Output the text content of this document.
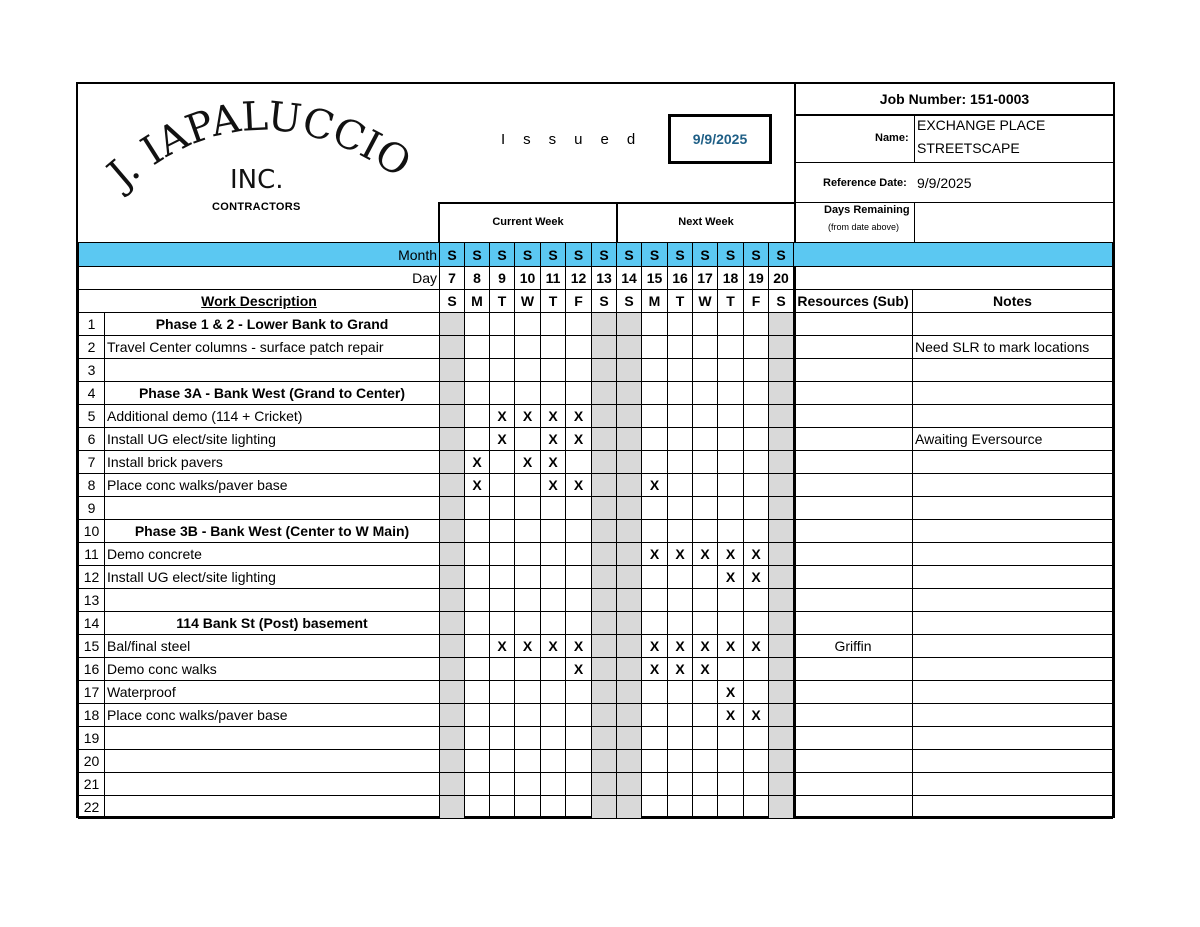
J. IAPALUCCIO
INC.
CONTRACTORS
Issued	9/9/2025
Job Number: 151-0003
Name:
EXCHANGE PLACE
STREETSCAPE
Reference Date: 9/9/2025
Days Remaining
(from date above)
Current Week	Next Week
Month		S	S	S	S	S	S	S	S	S	S	S	S	S	S		
Day		7	8	9	10	11	12	13	14	15	16	17	18	19	20		
Work Description		S	M	T	W	T	F	S	S	M	T	W	T	F	S	Resources (Sub)	Notes
1	Phase 1 & 2 - Lower Bank to Grand																
2	Travel Center columns - surface patch repair																Need SLR to mark locations
3																	
4	Phase 3A - Bank West (Grand to Center)																
5	Additional demo (114 + Cricket)			X	X	X	X										
6	Install UG elect/site lighting			X		X	X										Awaiting Eversource
7	Install brick pavers		X		X	X											
8	Place conc walks/paver base		X			X	X			X							
9																	
10	Phase 3B - Bank West (Center to W Main)																
11	Demo concrete									X	X	X	X	X			
12	Install UG elect/site lighting												X	X			
13																	
14	114 Bank St (Post) basement																
15	Bal/final steel			X	X	X	X			X	X	X	X	X		Griffin	
16	Demo conc walks						X			X	X	X					
17	Waterproof												X				
18	Place conc walks/paver base												X	X			
19																	
20																	
21																	
22																	
